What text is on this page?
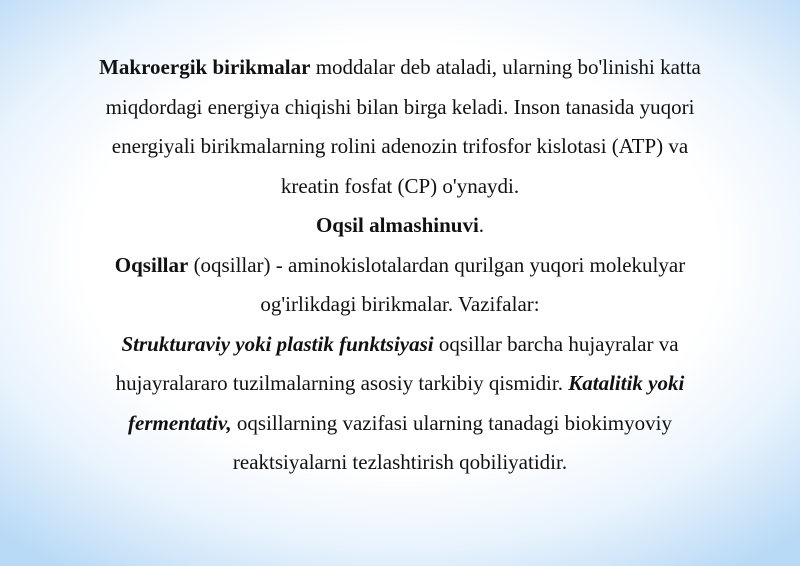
Makroergik birikmalar moddalar deb ataladi, ularning bo'linishi katta
miqdordagi energiya chiqishi bilan birga keladi. Inson tanasida yuqori
energiyali birikmalarning rolini adenozin trifosfor kislotasi (ATP) va
kreatin fosfat (CP) o'ynaydi.
Oqsil almashinuvi.
Oqsillar (oqsillar) - aminokislotalardan qurilgan yuqori molekulyar
og'irlikdagi birikmalar. Vazifalar:
Strukturaviy yoki plastik funktsiyasi oqsillar barcha hujayralar va
hujayralararo tuzilmalarning asosiy tarkibiy qismidir. Katalitik yoki
fermentativ, oqsillarning vazifasi ularning tanadagi biokimyoviy
reaktsiyalarni tezlashtirish qobiliyatidir.
